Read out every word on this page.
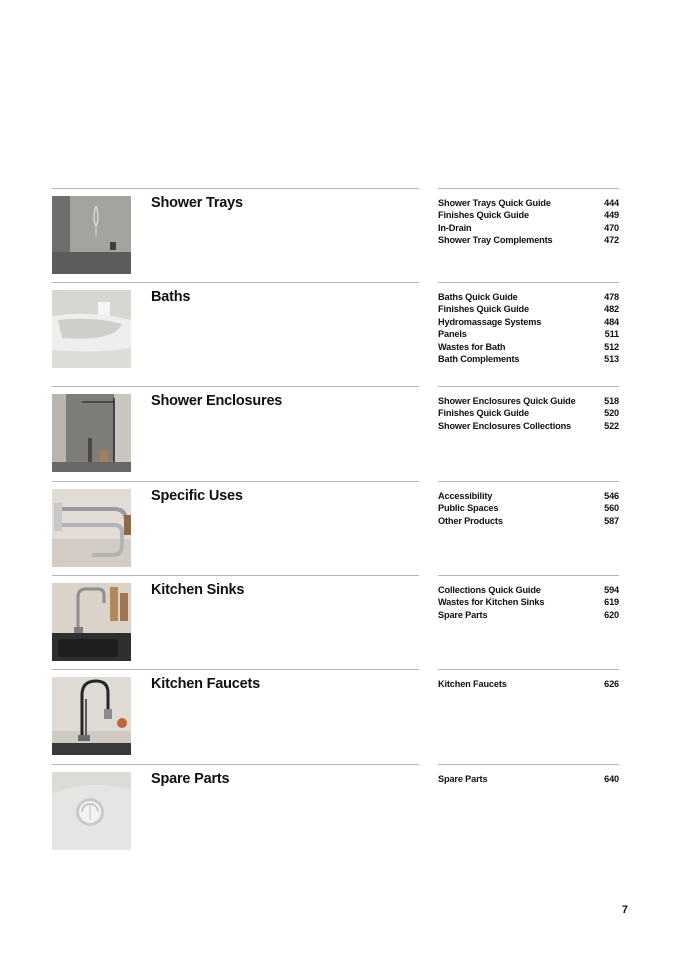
Shower Trays	Shower Trays Quick Guide	444
Finishes Quick Guide	449
In-Drain	470
Shower Tray Complements	472
Baths	Baths Quick Guide	478
Finishes Quick Guide	482
Hydromassage Systems	484
Panels	511
Wastes for Bath	512
Bath Complements	513
Shower Enclosures	Shower Enclosures Quick Guide	518
Finishes Quick Guide	520
Shower Enclosures Collections	522
Specific Uses	Accessibility	546
Public Spaces	560
Other Products	587
Kitchen Sinks	Collections Quick Guide	594
Wastes for Kitchen Sinks	619
Spare Parts	620
Kitchen Faucets	Kitchen Faucets	626
Spare Parts	Spare Parts	640
7
